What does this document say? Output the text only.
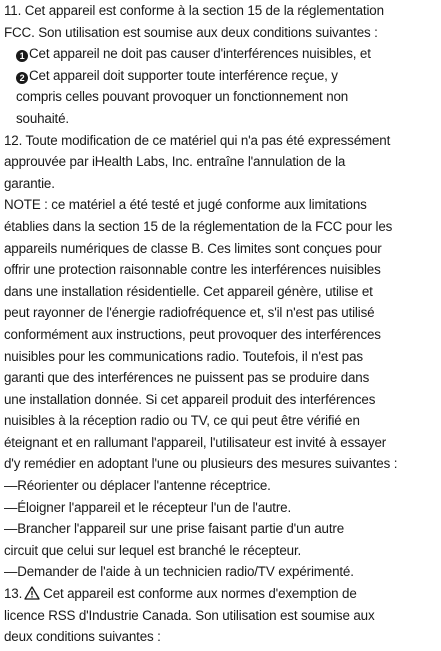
11. Cet appareil est conforme à la section 15 de la réglementation
FCC. Son utilisation est soumise aux deux conditions suivantes :
1 Cet appareil ne doit pas causer d'interférences nuisibles, et
2 Cet appareil doit supporter toute interférence reçue, y
compris celles pouvant provoquer un fonctionnement non
souhaité.
12. Toute modification de ce matériel qui n'a pas été expressément
approuvée par iHealth Labs, Inc. entraîne l'annulation de la
garantie.
NOTE : ce matériel a été testé et jugé conforme aux limitations
établies dans la section 15 de la réglementation de la FCC pour les
appareils numériques de classe B. Ces limites sont conçues pour
offrir une protection raisonnable contre les interférences nuisibles
dans une installation résidentielle. Cet appareil génère, utilise et
peut rayonner de l'énergie radiofréquence et, s'il n'est pas utilisé
conformément aux instructions, peut provoquer des interférences
nuisibles pour les communications radio. Toutefois, il n'est pas
garanti que des interférences ne puissent pas se produire dans
une installation donnée. Si cet appareil produit des interférences
nuisibles à la réception radio ou TV, ce qui peut être vérifié en
éteignant et en rallumant l'appareil, l'utilisateur est invité à essayer
d'y remédier en adoptant l'une ou plusieurs des mesures suivantes :
—Réorienter ou déplacer l'antenne réceptrice.
—Éloigner l'appareil et le récepteur l'un de l'autre.
—Brancher l'appareil sur une prise faisant partie d'un autre
circuit que celui sur lequel est branché le récepteur.
—Demander de l'aide à un technicien radio/TV expérimenté.
13. Cet appareil est conforme aux normes d'exemption de
licence RSS d'Industrie Canada. Son utilisation est soumise aux
deux conditions suivantes :
